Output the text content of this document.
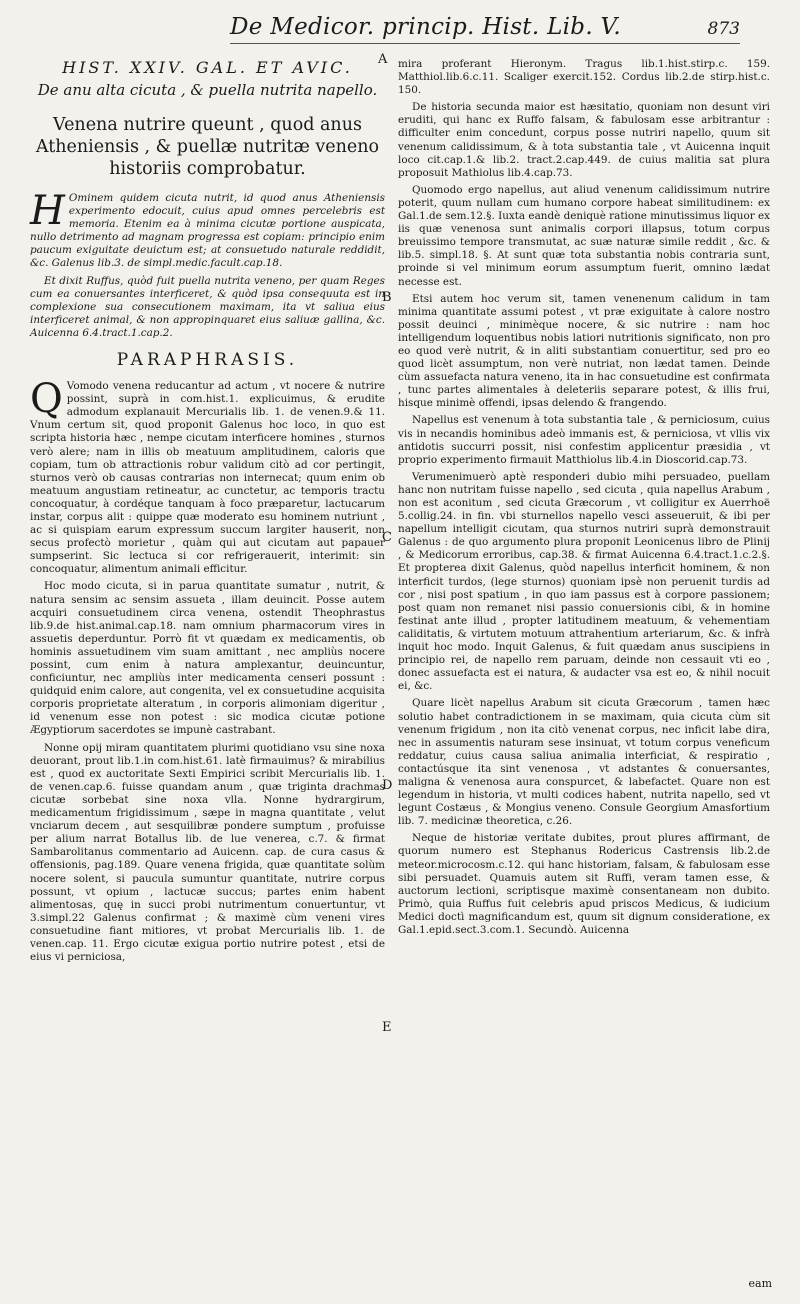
De Medicor. princip. Hist. Lib. V.	873

HIST. XXIV. GAL. ET AVIC.

De anu alta cicuta , & puella nutrita napello.

Venena nutrire queunt , quod anus Atheniensis , & puellæ nutritæ veneno historiis comprobatur.

H Ominem quidem cicuta nutrit, id quod anus Atheniensis experimento edocuit, cuius apud omnes percelebris est memoria. Etenim ea à minima cicutæ portione auspicata, nullo detrimento ad magnam progressa est copiam: principio enim paucum exiguitate deuictum est; at consuetudo naturale reddidit, &c. Galenus lib.3. de simpl.medic.facult.cap.18.

Et dixit Ruffus, quòd fuit puella nutrita veneno, per quam Reges cum ea conuersantes interficeret, & quòd ipsa consequuta est in complexione sua consecutionem maximam, ita vt saliua eius interficeret animal, & non appropinquaret eius saliuæ gallina, &c. Auicenna 6.4.tract.1.cap.2.

PARAPHRASIS.

Q Vomodo venena reducantur ad actum , vt nocere & nutrire possint, suprà in com.hist.1. explicuimus, & erudite admodum explanauit Mercurialis lib. 1. de venen.9.& 11. Vnum certum sit, quod proponit Galenus hoc loco, in quo est scripta historia hæc , nempe cicutam interficere homines , sturnos verò alere; nam in illis ob meatuum amplitudinem, caloris que copiam, tum ob attractionis robur validum citò ad cor pertingit, sturnos verò ob causas contrarias non internecat; quum enim ob meatuum angustiam retineatur, ac cunctetur, ac temporis tractu concoquatur, à cordéque tanquam à foco præparetur, lactucarum instar, corpus alit : quippe quæ moderato esu hominem nutriunt , ac si quispiam earum expressum succum largiter hauserit, non secus profectò morietur , quàm qui aut cicutam aut papauer sumpserint. Sic lectuca si cor refrigerauerit, interimit: sin concoquatur, alimentum animali efficitur.

Hoc modo cicuta, si in parua quantitate sumatur , nutrit, & natura sensim ac sensim assueta , illam deuincit. Posse autem acquiri consuetudinem circa venena, ostendit Theophrastus lib.9.de hist.animal.cap.18. nam omnium pharmacorum vires in assuetis deperduntur. Porrò fit vt quædam ex medicamentis, ob hominis assuetudinem vim suam amittant , nec ampliùs nocere possint, cum enim à natura amplexantur, deuincuntur, conficiuntur, nec ampliùs inter medicamenta censeri possunt : quidquid enim calore, aut congenita, vel ex consuetudine acquisita corporis proprietate alteratum , in corporis alimoniam digeritur , id venenum esse non potest : sic modica cicutæ potione Ægyptiorum sacerdotes se impunè castrabant.

Nonne opij miram quantitatem plurimi quotidiano vsu sine noxa deuorant, prout lib.1.in com.hist.61. latè firmauimus? & mirabilius est , quod ex auctoritate Sexti Empirici scribit Mercurialis lib. 1. de venen.cap.6. fuisse quandam anum , quæ triginta drachmas cicutæ sorbebat sine noxa vlla. Nonne hydrargirum, medicamentum frigidissimum , sæpe in magna quantitate , velut vnciarum decem , aut sesquilibræ pondere sumptum , profuisse per alium narrat Botallus lib. de lue venerea, c.7. & firmat Sambarolitanus commentario ad Auicenn. cap. de cura casus & offensionis, pag.189. Quare venena frigida, quæ quantitate solùm nocere solent, si paucula sumuntur quantitate, nutrire corpus possunt, vt opium , lactucæ succus; partes enim habent alimentosas, quę in succi probi nutrimentum conuertuntur, vt 3.simpl.22 Galenus confirmat ; & maximè cùm veneni vires consuetudine fiant mitiores, vt probat Mercurialis lib. 1. de venen.cap. 11. Ergo cicutæ exigua portio nutrire potest , etsi de eius vi perniciosa,

A
B
C
D
E

mira proferant Hieronym. Tragus lib.1.hist.stirp.c. 159. Matthiol.lib.6.c.11. Scaliger exercit.152. Cordus lib.2.de stirp.hist.c. 150.

De historia secunda maior est hæsitatio, quoniam non desunt viri eruditi, qui hanc ex Ruffo falsam, & fabulosam esse arbitrantur : difficulter enim concedunt, corpus posse nutriri napello, quum sit venenum calidissimum, & à tota substantia tale , vt Auicenna inquit loco cit.cap.1.& lib.2. tract.2.cap.449. de cuius malitia sat plura proposuit Mathiolus lib.4.cap.73.

Quomodo ergo napellus, aut aliud venenum calidissimum nutrire poterit, quum nullam cum humano corpore habeat similitudinem: ex Gal.1.de sem.12.§. Iuxta eandè deniquè ratione minutissimus liquor ex iis quæ venenosa sunt animalis corpori illapsus, totum corpus breuissimo tempore transmutat, ac suæ naturæ simile reddit , &c. & lib.5. simpl.18. §. At sunt quæ tota substantia nobis contraria sunt, proinde si vel minimum eorum assumptum fuerit, omnino lædat necesse est.

Etsi autem hoc verum sit, tamen venenenum calidum in tam minima quantitate assumi potest , vt præ exiguitate à calore nostro possit deuinci , minimèque nocere, & sic nutrire : nam hoc intelligendum loquentibus nobis latiori nutritionis significato, non pro eo quod verè nutrit, & in aliti substantiam conuertitur, sed pro eo quod licèt assumptum, non verè nutriat, non lædat tamen. Deinde cùm assuefacta natura veneno, ita in hac consuetudine est confirmata , tunc partes alimentales à deleteriis separare potest, & illis frui, hisque minimè offendi, ipsas delendo & frangendo.

Napellus est venenum à tota substantia tale , & perniciosum, cuius vis in necandis hominibus adeò immanis est, & perniciosa, vt vllis vix antidotis succurri possit, nisi confestim applicentur præsidia , vt proprio experimento firmauit Matthiolus lib.4.in Dioscorid.cap.73.

Verumenimuerò aptè responderi dubio mihi persuadeo, puellam hanc non nutritam fuisse napello , sed cicuta , quia napellus Arabum , non est aconitum , sed cicuta Græcorum , vt colligitur ex Auerrhoë 5.collig.24. in fin. vbi sturnellos napello vesci asseueruit, & ibi per napellum intelligit cicutam, qua sturnos nutriri suprà demonstrauit Galenus : de quo argumento plura proponit Leonicenus libro de Plinij , & Medicorum erroribus, cap.38. & firmat Auicenna 6.4.tract.1.c.2.§. Et propterea dixit Galenus, quòd napellus interficit hominem, & non interficit turdos, (lege sturnos) quoniam ipsè non peruenit turdis ad cor , nisi post spatium , in quo iam passus est à corpore passionem; post quam non remanet nisi passio conuersionis cibi, & in homine festinat ante illud , propter latitudinem meatuum, & vehementiam caliditatis, & virtutem motuum attrahentium arteriarum, &c. & infrà inquit hoc modo. Inquit Galenus, & fuit quædam anus suscipiens in principio rei, de napello rem paruam, deinde non cessauit vti eo , donec assuefacta est ei natura, & audacter vsa est eo, & nihil nocuit ei, &c.

Quare licèt napellus Arabum sit cicuta Græcorum , tamen hæc solutio habet contradictionem in se maximam, quia cicuta cùm sit venenum frigidum , non ita citò venenat corpus, nec inficit labe dira, nec in assumentis naturam sese insinuat, vt totum corpus veneficum reddatur, cuius causa saliua animalia interficiat, & respiratio , contactúsque ita sint venenosa , vt adstantes & conuersantes, maligna & venenosa aura conspurcet, & labefactet. Quare non est legendum in historia, vt multi codices habent, nutrita napello, sed vt legunt Costæus , & Mongius veneno. Consule Georgium Amasfortium lib. 7. medicinæ theoretica, c.26.

Neque de historiæ veritate dubites, prout plures affirmant, de quorum numero est Stephanus Rodericus Castrensis lib.2.de meteor.microcosm.c.12. qui hanc historiam, falsam, & fabulosam esse sibi persuadet. Quamuis autem sit Ruffi, veram tamen esse, & auctorum lectioni, scriptisque maximè consentaneam non dubito. Primò, quia Ruffus fuit celebris apud priscos Medicus, & iudicium Medici doctì magnificandum est, quum sit dignum consideratione, ex Gal.1.epid.sect.3.com.1. Secundò. Auicenna

eam
